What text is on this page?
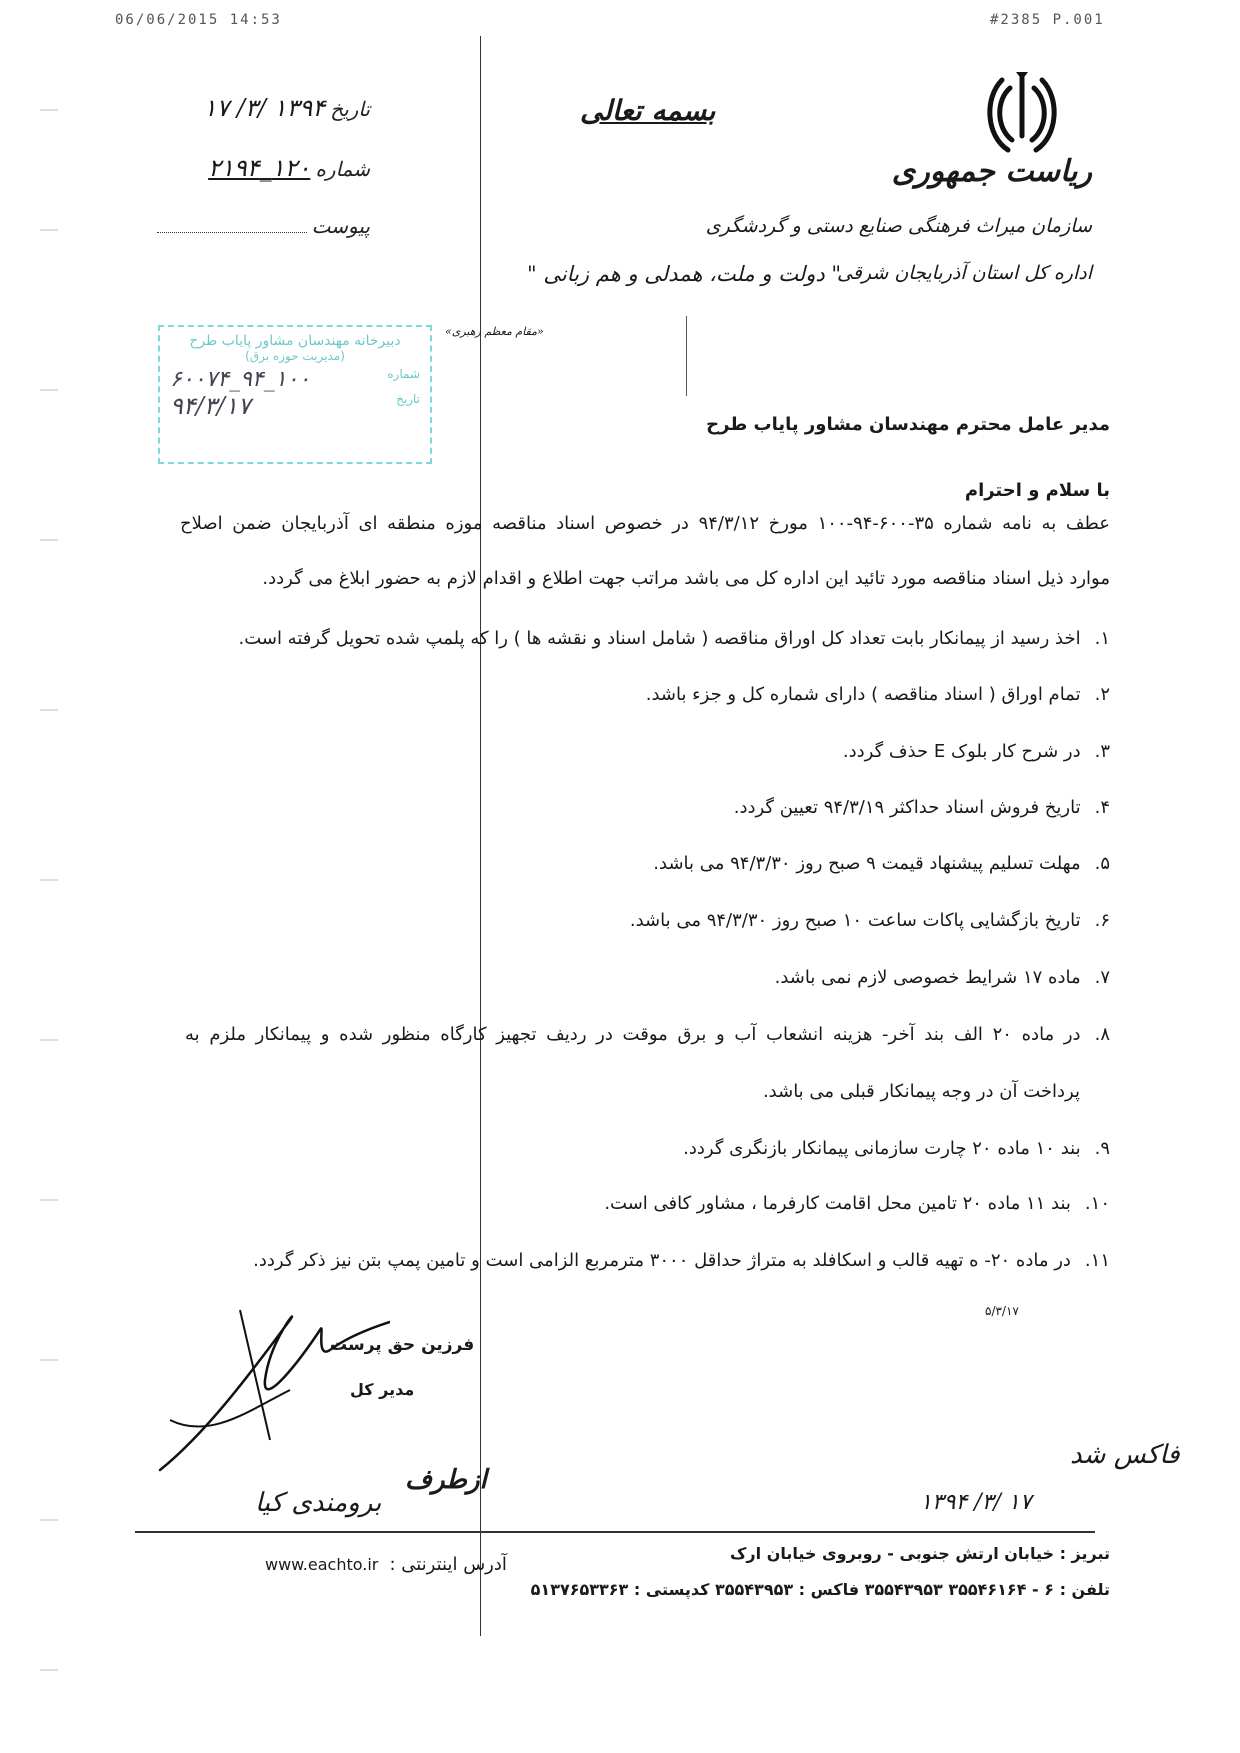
06/06/2015 14:53	#2385 P.001
بسمه تعالی
ریاست جمهوری
سازمان میراث فرهنگی صنایع دستی و گردشگری
اداره کل استان آذربایجان شرقی
" دولت و ملت، همدلی و هم زبانی "
«مقام معظم رهبری»
تاریخ ۱۳۹۴ /۳/ ۱۷
شماره ۱۲۰_۲۱۹۴
پیوست
دبیرخانه مهندسان مشاور پایاب طرح
(مدیریت حوزه برق)
شماره
۱۰۰_۹۴_۶۰۰۷۴
تاریخ
۹۴/۳/۱۷
مدیر عامل محترم مهندسان مشاور پایاب طرح
با سلام و احترام
عطف به نامه شماره ۳۵-۶۰۰-۹۴-۱۰۰ مورخ ۹۴/۳/۱۲ در خصوص اسناد مناقصه موزه منطقه ای آذربایجان ضمن اصلاح
موارد ذیل اسناد مناقصه مورد تائید این اداره کل می باشد مراتب جهت اطلاع و اقدام لازم به حضور ابلاغ می گردد.
۱.اخذ رسید از پیمانکار بابت تعداد کل اوراق مناقصه ( شامل اسناد و نقشه ها ) را که پلمپ شده تحویل گرفته است.
۲.تمام اوراق ( اسناد مناقصه ) دارای شماره کل و جزء باشد.
۳.در شرح کار بلوک E حذف گردد.
۴.تاریخ فروش اسناد حداکثر ۹۴/۳/۱۹ تعیین گردد.
۵.مهلت تسلیم پیشنهاد قیمت ۹ صبح روز ۹۴/۳/۳۰ می باشد.
۶.تاریخ بازگشایی پاکات ساعت ۱۰ صبح روز ۹۴/۳/۳۰ می باشد.
۷.ماده ۱۷ شرایط خصوصی لازم نمی باشد.
۸.در ماده ۲۰ الف بند آخر- هزینه انشعاب آب و برق موقت در ردیف تجهیز کارگاه منظور شده و پیمانکار ملزم به
پرداخت آن در وجه پیمانکار قبلی می باشد.
۹.بند ۱۰ ماده ۲۰ چارت سازمانی پیمانکار بازنگری گردد.
۱۰.بند ۱۱ ماده ۲۰ تامین محل اقامت کارفرما ، مشاور کافی است.
۱۱.در ماده ۲۰- ه تهیه قالب و اسکافلد به متراژ حداقل ۳۰۰۰ مترمربع الزامی است و تامین پمپ بتن نیز ذکر گردد.
۵/۳/۱۷
فرزین حق پرست
مدیر کل
ازطرف
برومندی کیا
فاکس شد
۱۳۹۴ /۳/ ۱۷
تبریز : خیابان ارتش جنوبی - روبروی خیابان ارک
تلفن : ۶ - ۳۵۵۴۶۱۶۴ ۳۵۵۴۳۹۵۳ فاکس : ۳۵۵۴۳۹۵۳ کدپستی : ۵۱۳۷۶۵۳۳۶۳
www.eachto.ir آدرس اینترنتی :
